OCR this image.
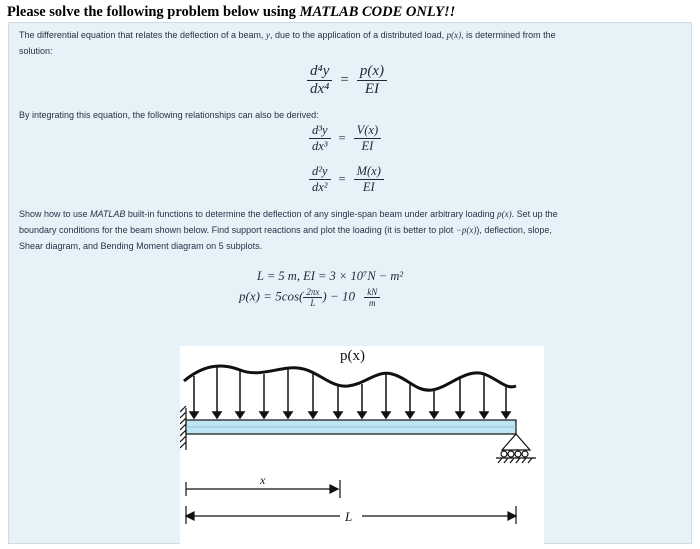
Please solve the following problem below using MATLAB CODE ONLY!!
The differential equation that relates the deflection of a beam, y, due to the application of a distributed load, p(x), is determined from the
solution:
$\frac{\text{d⁴y}}{\text{dx⁴}} = \frac{p(x)}{EI}$
By integrating this equation, the following relationships can also be derived:
$\frac{\text{d³y}}{\text{dx³}} = \frac{V(x)}{EI}$
$\frac{\text{d²y}}{\text{dx²}} = \frac{M(x)}{EI}$
Show how to use MATLAB built-in functions to determine the deflection of any single-span beam under arbitrary loading p(x). Set up the
boundary conditions for the beam shown below. Find support reactions and plot the loading (it is better to plot −p(x)), deflection, slope,
Shear diagram, and Bending Moment diagram on 5 subplots.
L = 5 m, EI = 3 × 10⁷N − m²
$p(x) = 5\cos( \frac{2\pi x}{L}$ ) − $10 \frac{kN}{m}$
p(x)
x
L
